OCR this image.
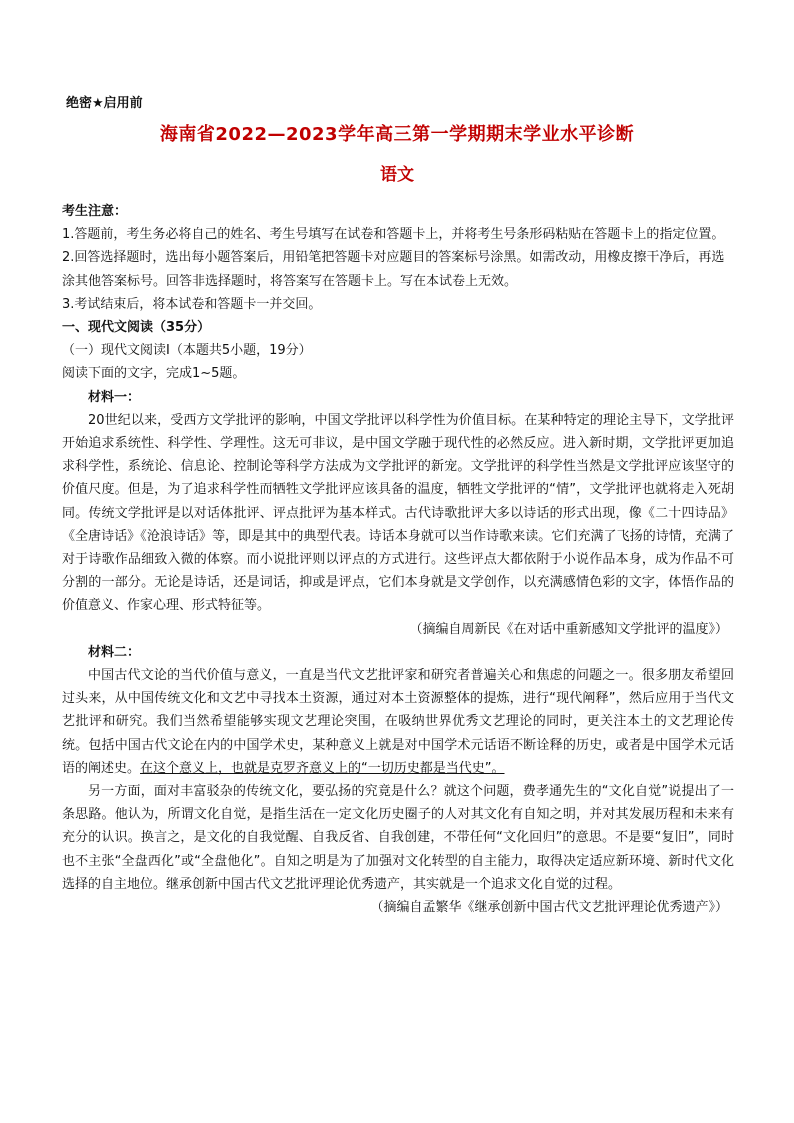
绝密★启用前
海南省2022—2023学年高三第一学期期末学业水平诊断
语文

考生注意：

1.答题前，考生务必将自己的姓名、考生号填写在试卷和答题卡上，并将考生号条形码粘贴在答题卡上的指定位置。

2.回答选择题时，选出每小题答案后，用铅笔把答题卡对应题目的答案标号涂黑。如需改动，用橡皮擦干净后，再选涂其他答案标号。回答非选择题时，将答案写在答题卡上。写在本试卷上无效。

3.考试结束后，将本试卷和答题卡一并交回。

一、现代文阅读（35分）

（一）现代文阅读Ⅰ（本题共5小题，19分）

阅读下面的文字，完成1~5题。

材料一：

20世纪以来，受西方文学批评的影响，中国文学批评以科学性为价值目标。在某种特定的理论主导下，文学批评开始追求系统性、科学性、学理性。这无可非议，是中国文学融于现代性的必然反应。进入新时期，文学批评更加追求科学性，系统论、信息论、控制论等科学方法成为文学批评的新宠。文学批评的科学性当然是文学批评应该坚守的价值尺度。但是，为了追求科学性而牺牲文学批评应该具备的温度，牺牲文学批评的“情”，文学批评也就将走入死胡同。传统文学批评是以对话体批评、评点批评为基本样式。古代诗歌批评大多以诗话的形式出现，像《二十四诗品》《全唐诗话》《沧浪诗话》等，即是其中的典型代表。诗话本身就可以当作诗歌来读。它们充满了飞扬的诗情，充满了对于诗歌作品细致入微的体察。而小说批评则以评点的方式进行。这些评点大都依附于小说作品本身，成为作品不可分割的一部分。无论是诗话，还是词话，抑或是评点，它们本身就是文学创作，以充满感情色彩的文字，体悟作品的价值意义、作家心理、形式特征等。

（摘编自周新民《在对话中重新感知文学批评的温度》）

材料二：

中国古代文论的当代价值与意义，一直是当代文艺批评家和研究者普遍关心和焦虑的问题之一。很多朋友希望回过头来，从中国传统文化和文艺中寻找本土资源，通过对本土资源整体的提炼，进行“现代阐释”，然后应用于当代文艺批评和研究。我们当然希望能够实现文艺理论突围，在吸纳世界优秀文艺理论的同时，更关注本土的文艺理论传统。包括中国古代文论在内的中国学术史，某种意义上就是对中国学术元话语不断诠释的历史，或者是中国学术元话语的阐述史。在这个意义上，也就是克罗齐意义上的“一切历史都是当代史”。

另一方面，面对丰富驳杂的传统文化，要弘扬的究竟是什么？就这个问题，费孝通先生的“文化自觉”说提出了一条思路。他认为，所谓文化自觉，是指生活在一定文化历史圈子的人对其文化有自知之明，并对其发展历程和未来有充分的认识。换言之，是文化的自我觉醒、自我反省、自我创建，不带任何“文化回归”的意思。不是要“复旧”，同时也不主张“全盘西化”或“全盘他化”。自知之明是为了加强对文化转型的自主能力，取得决定适应新环境、新时代文化选择的自主地位。继承创新中国古代文艺批评理论优秀遗产，其实就是一个追求文化自觉的过程。

（摘编自孟繁华《继承创新中国古代文艺批评理论优秀遗产》）
